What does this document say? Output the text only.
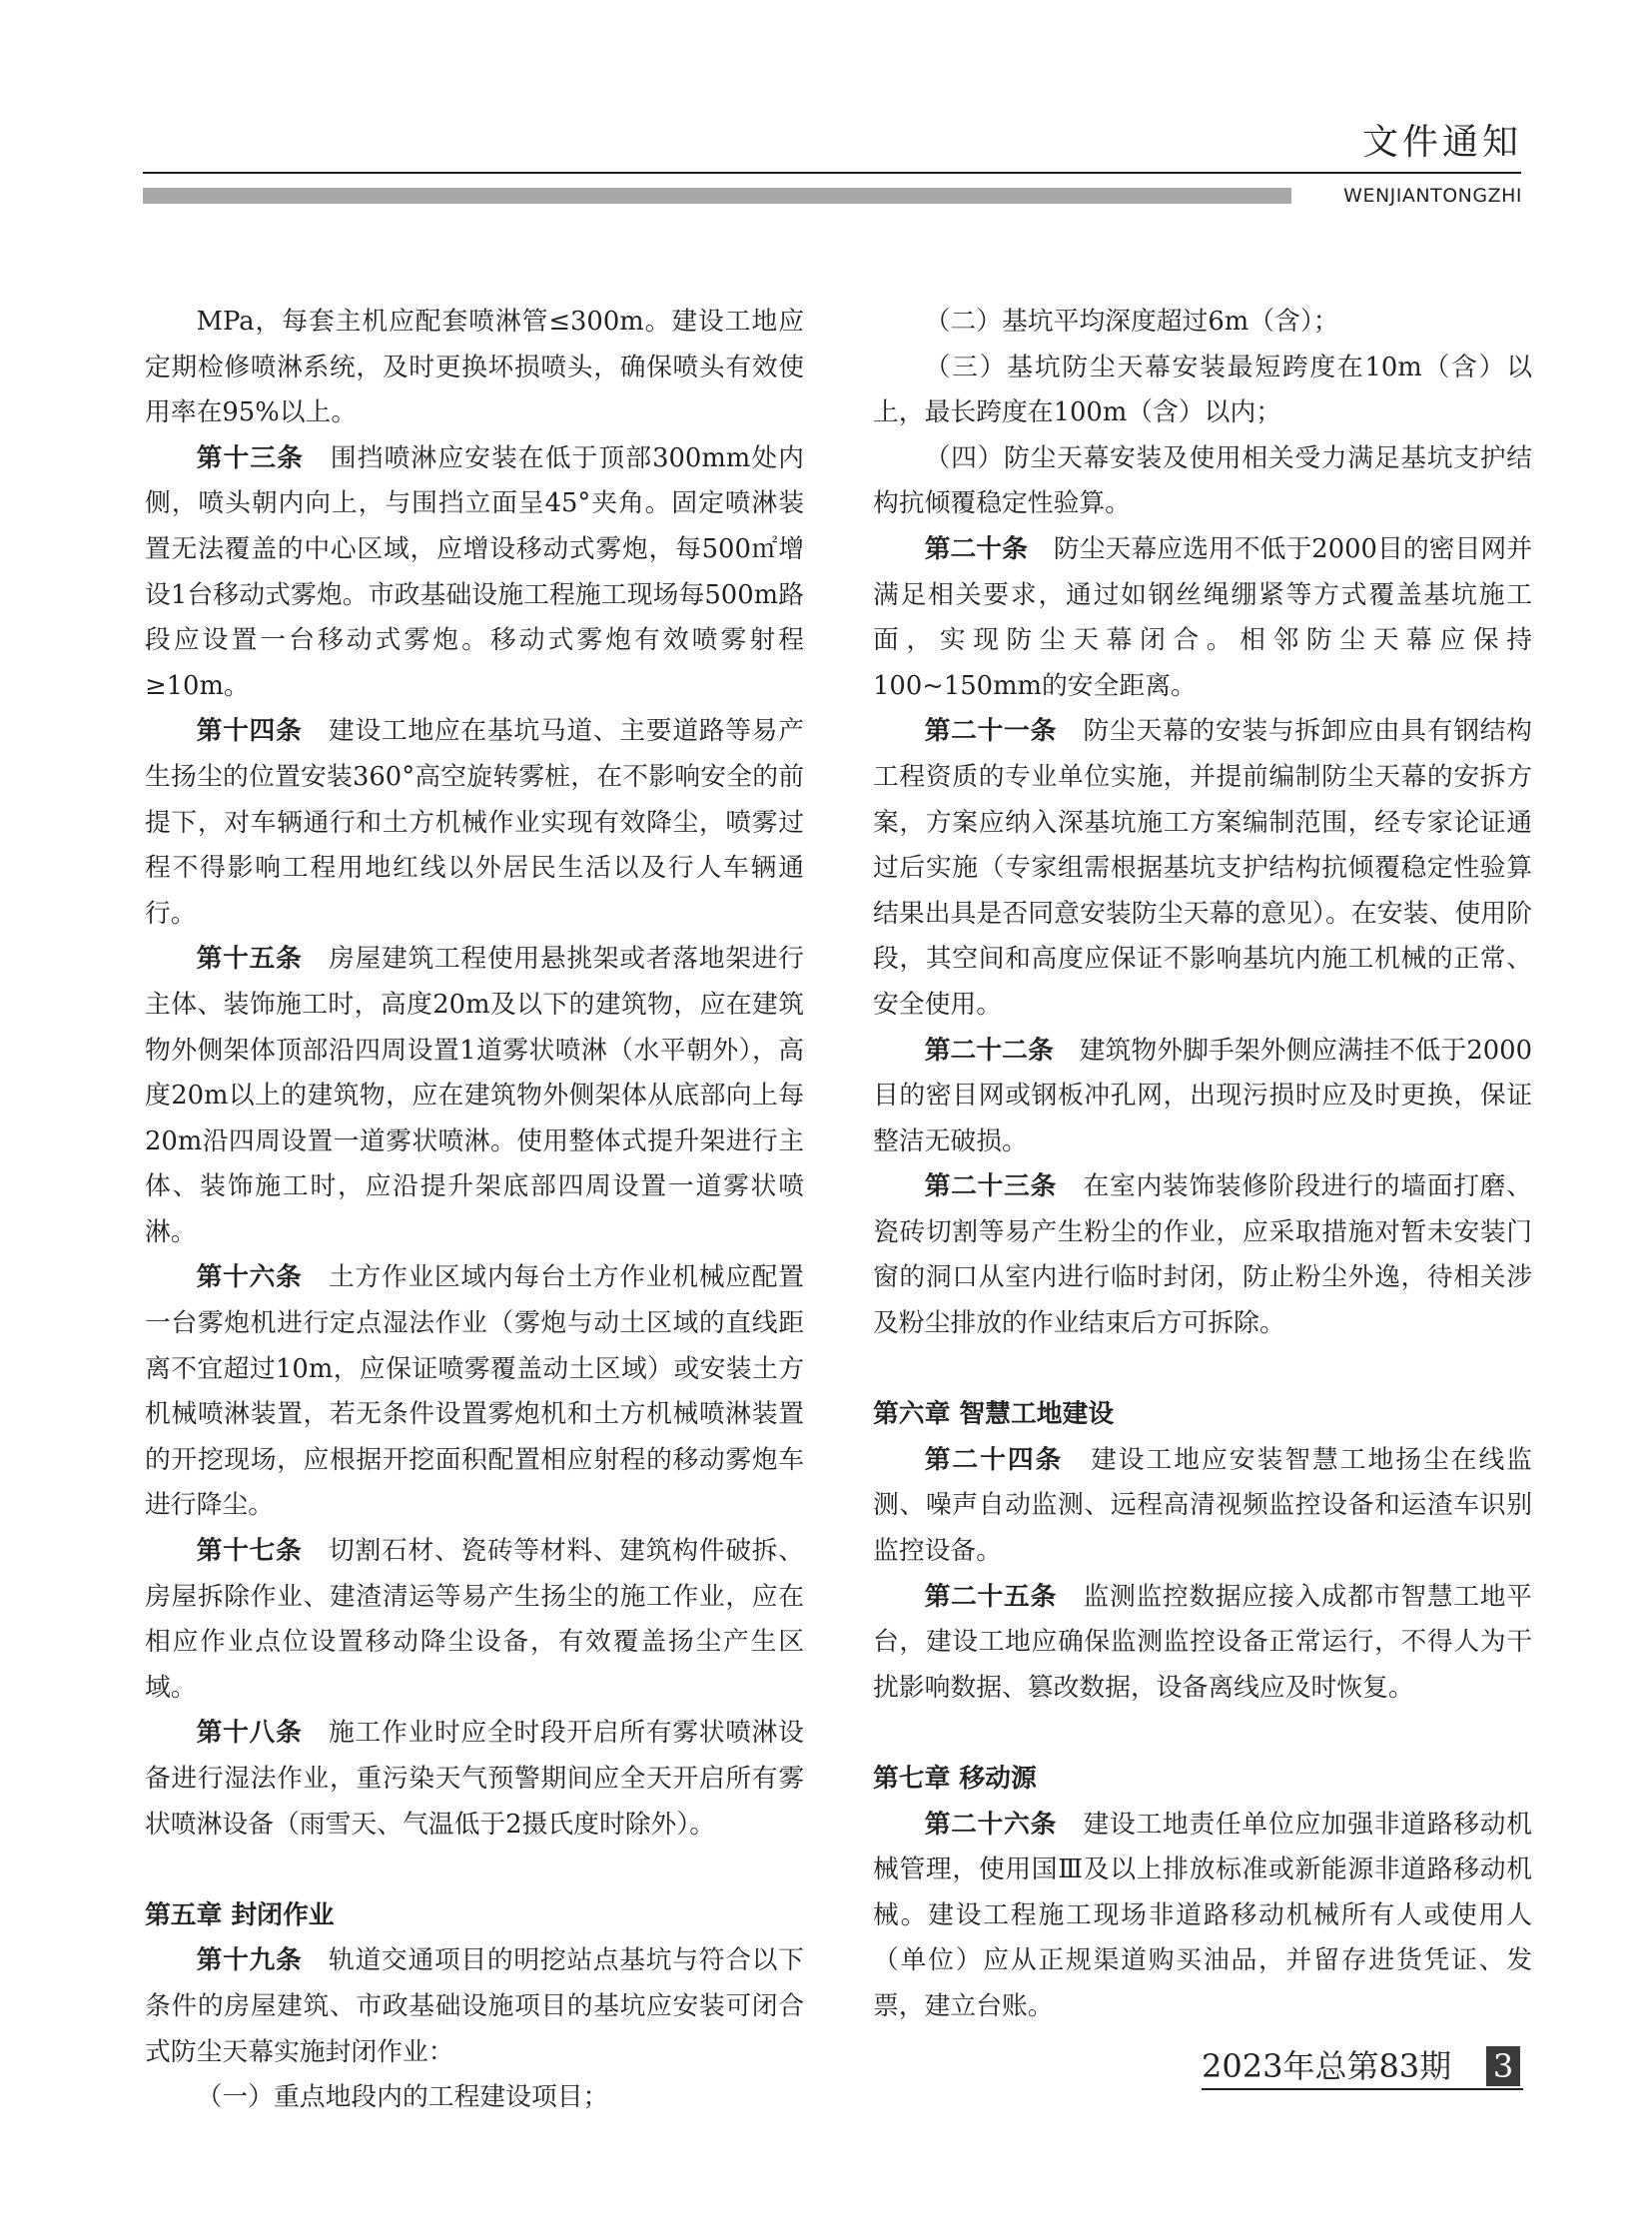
文件通知
WENJIANTONGZHI

MPa，每套主机应配套喷淋管≤300m。建设工地应定期检修喷淋系统，及时更换坏损喷头，确保喷头有效使用率在95%以上。

第十三条　 围挡喷淋应安装在低于顶部300mm处内侧，喷头朝内向上，与围挡立面呈45°夹角。固定喷淋装置无法覆盖的中心区域，应增设移动式雾炮，每500㎡增设1台移动式雾炮。市政基础设施工程施工现场每500m路段应设置一台移动式雾炮。移动式雾炮有效喷雾射程≥10m。

第十四条　 建设工地应在基坑马道、主要道路等易产生扬尘的位置安装360°高空旋转雾桩，在不影响安全的前提下，对车辆通行和土方机械作业实现有效降尘，喷雾过程不得影响工程用地红线以外居民生活以及行人车辆通行。

第十五条　 房屋建筑工程使用悬挑架或者落地架进行主体、装饰施工时，高度20m及以下的建筑物，应在建筑物外侧架体顶部沿四周设置1道雾状喷淋（水平朝外），高度20m以上的建筑物，应在建筑物外侧架体从底部向上每20m沿四周设置一道雾状喷淋。使用整体式提升架进行主体、装饰施工时，应沿提升架底部四周设置一道雾状喷淋。

第十六条　 土方作业区域内每台土方作业机械应配置一台雾炮机进行定点湿法作业（雾炮与动土区域的直线距离不宜超过10m，应保证喷雾覆盖动土区域）或安装土方机械喷淋装置，若无条件设置雾炮机和土方机械喷淋装置的开挖现场，应根据开挖面积配置相应射程的移动雾炮车进行降尘。

第十七条　 切割石材、瓷砖等材料、建筑构件破拆、房屋拆除作业、建渣清运等易产生扬尘的施工作业，应在相应作业点位设置移动降尘设备，有效覆盖扬尘产生区域。

第十八条　 施工作业时应全时段开启所有雾状喷淋设备进行湿法作业，重污染天气预警期间应全天开启所有雾状喷淋设备（雨雪天、气温低于2摄氏度时除外）。

第五章 封闭作业

第十九条　 轨道交通项目的明挖站点基坑与符合以下条件的房屋建筑、市政基础设施项目的基坑应安装可闭合式防尘天幕实施封闭作业：

（一）重点地段内的工程建设项目；

（二）基坑平均深度超过6m（含）；

（三）基坑防尘天幕安装最短跨度在10m（含）以上，最长跨度在100m（含）以内；

（四）防尘天幕安装及使用相关受力满足基坑支护结构抗倾覆稳定性验算。

第二十条　 防尘天幕应选用不低于2000目的密目网并满足相关要求，通过如钢丝绳绷紧等方式覆盖基坑施工面，实现防尘天幕闭合。相邻防尘天幕应保持100~150mm的安全距离。

第二十一条　 防尘天幕的安装与拆卸应由具有钢结构工程资质的专业单位实施，并提前编制防尘天幕的安拆方案，方案应纳入深基坑施工方案编制范围，经专家论证通过后实施（专家组需根据基坑支护结构抗倾覆稳定性验算结果出具是否同意安装防尘天幕的意见）。在安装、使用阶段，其空间和高度应保证不影响基坑内施工机械的正常、安全使用。

第二十二条　 建筑物外脚手架外侧应满挂不低于2000目的密目网或钢板冲孔网，出现污损时应及时更换，保证整洁无破损。

第二十三条　 在室内装饰装修阶段进行的墙面打磨、瓷砖切割等易产生粉尘的作业，应采取措施对暂未安装门窗的洞口从室内进行临时封闭，防止粉尘外逸，待相关涉及粉尘排放的作业结束后方可拆除。

第六章 智慧工地建设

第二十四条　 建设工地应安装智慧工地扬尘在线监测、噪声自动监测、远程高清视频监控设备和运渣车识别监控设备。

第二十五条　 监测监控数据应接入成都市智慧工地平台，建设工地应确保监测监控设备正常运行，不得人为干扰影响数据、篡改数据，设备离线应及时恢复。

第七章 移动源

第二十六条　 建设工地责任单位应加强非道路移动机械管理，使用国Ⅲ及以上排放标准或新能源非道路移动机械。建设工程施工现场非道路移动机械所有人或使用人（单位）应从正规渠道购买油品，并留存进货凭证、发票，建立台账。

2023年总第83期	3
